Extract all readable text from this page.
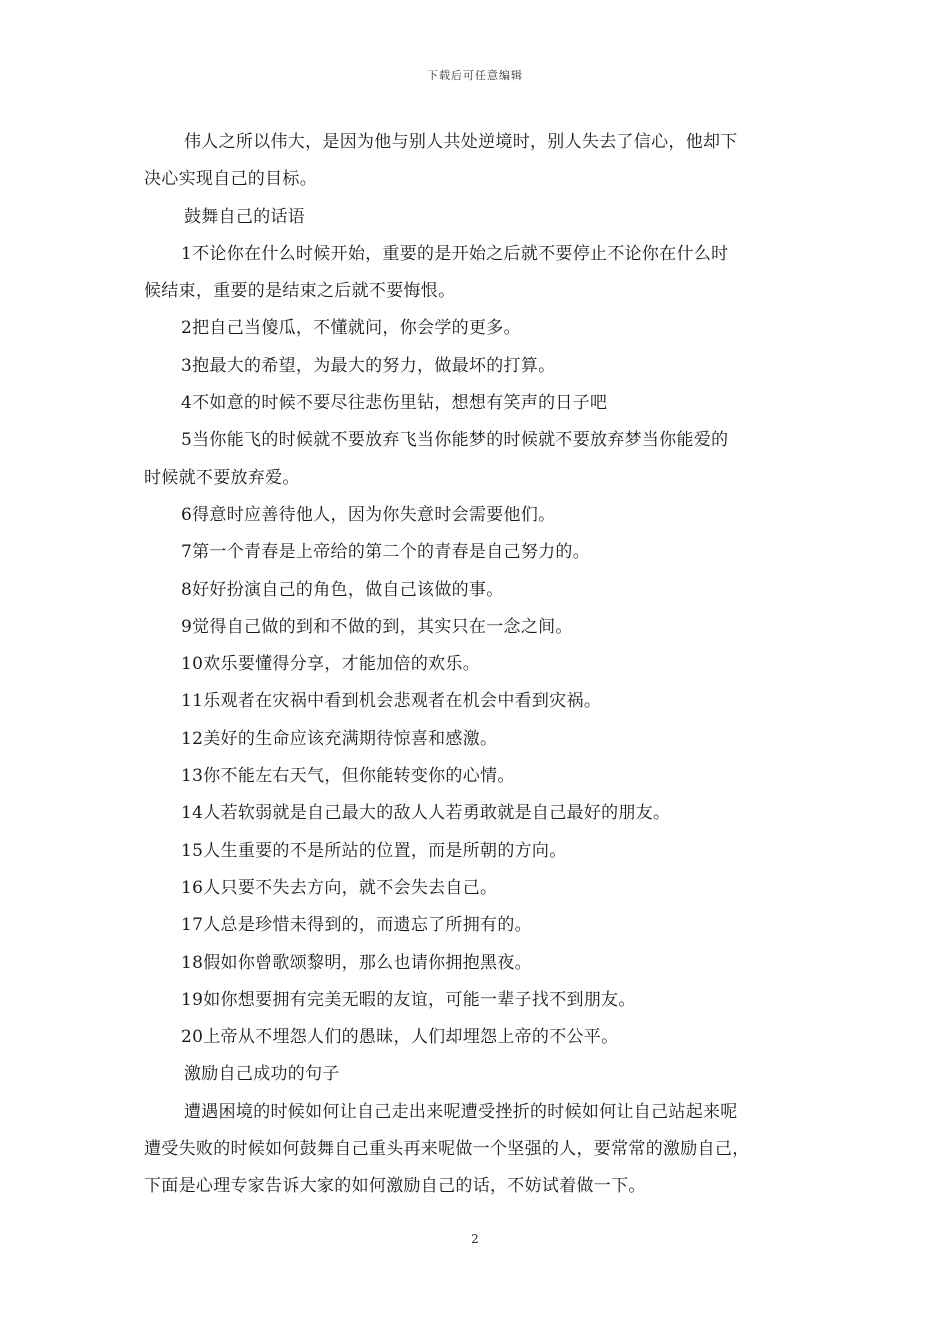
下载后可任意编辑
伟人之所以伟大，是因为他与别人共处逆境时，别人失去了信心，他却下
决心实现自己的目标。
鼓舞自己的话语
1不论你在什么时候开始，重要的是开始之后就不要停止不论你在什么时
候结束，重要的是结束之后就不要悔恨。
2把自己当傻瓜，不懂就问，你会学的更多。
3抱最大的希望，为最大的努力，做最坏的打算。
4不如意的时候不要尽往悲伤里钻，想想有笑声的日子吧
5当你能飞的时候就不要放弃飞当你能梦的时候就不要放弃梦当你能爱的
时候就不要放弃爱。
6得意时应善待他人，因为你失意时会需要他们。
7第一个青春是上帝给的第二个的青春是自己努力的。
8好好扮演自己的角色，做自己该做的事。
9觉得自己做的到和不做的到，其实只在一念之间。
10欢乐要懂得分享，才能加倍的欢乐。
11乐观者在灾祸中看到机会悲观者在机会中看到灾祸。
12美好的生命应该充满期待惊喜和感激。
13你不能左右天气，但你能转变你的心情。
14人若软弱就是自己最大的敌人人若勇敢就是自己最好的朋友。
15人生重要的不是所站的位置，而是所朝的方向。
16人只要不失去方向，就不会失去自己。
17人总是珍惜未得到的，而遗忘了所拥有的。
18假如你曾歌颂黎明，那么也请你拥抱黑夜。
19如你想要拥有完美无暇的友谊，可能一辈子找不到朋友。
20上帝从不埋怨人们的愚昧，人们却埋怨上帝的不公平。
激励自己成功的句子
遭遇困境的时候如何让自己走出来呢遭受挫折的时候如何让自己站起来呢
遭受失败的时候如何鼓舞自己重头再来呢做一个坚强的人，要常常的激励自己，
下面是心理专家告诉大家的如何激励自己的话，不妨试着做一下。
2
